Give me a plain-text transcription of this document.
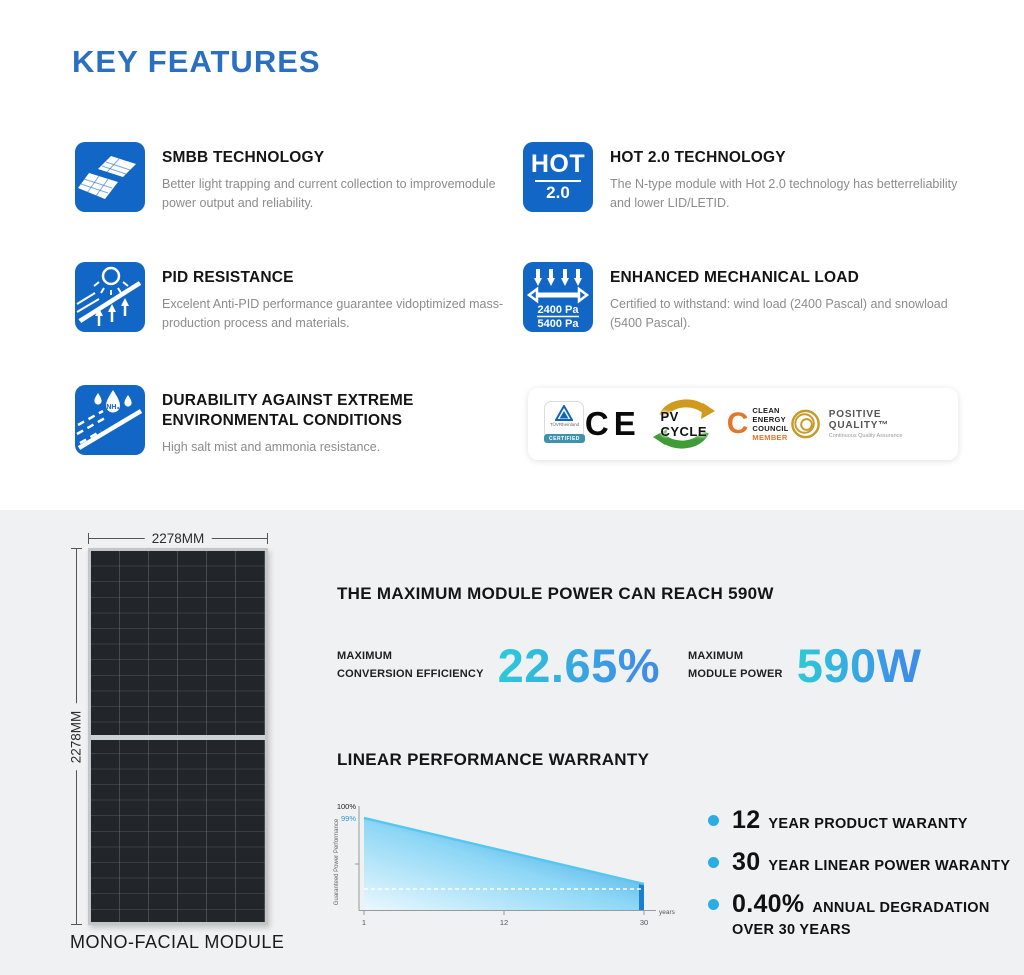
KEY FEATURES
SMBB TECHNOLOGY
Better light trapping and current collection to improvemodule power output and reliability.
HOT
2.0
HOT 2.0 TECHNOLOGY
The N-type module with Hot 2.0 technology has betterreliability and lower LID/LETID.
PID RESISTANCE
Excelent Anti-PID performance guarantee vidoptimized mass-production process and materials.
2400 Pa
5400 Pa
ENHANCED MECHANICAL LOAD
Certified to withstand: wind load (2400 Pascal) and snowload (5400 Pascal).
NH₃	DURABILITY AGAINST EXTREME ENVIRONMENTAL CONDITIONS
High salt mist and ammonia resistance.
TÜVRheinland
CERTIFIED CE PV CYCLE C CLEAN
ENERGY
COUNCIL
MEMBER
POSITIVE QUALITY™
Continuous Quality Assurance
2278MM
2278MM
MONO-FACIAL MODULE
THE MAXIMUM MODULE POWER CAN REACH 590W
MAXIMUM
CONVERSION EFFICIENCY 22.65%	MAXIMUM
MODULE POWER 590W
LINEAR PERFORMANCE WARRANTY
100%
99%
Guaranteed Power Performance
1	12	30
years
12 YEAR PRODUCT WARANTY
30 YEAR LINEAR POWER WARANTY
0.40% ANNUAL DEGRADATION
OVER 30 YEARS
